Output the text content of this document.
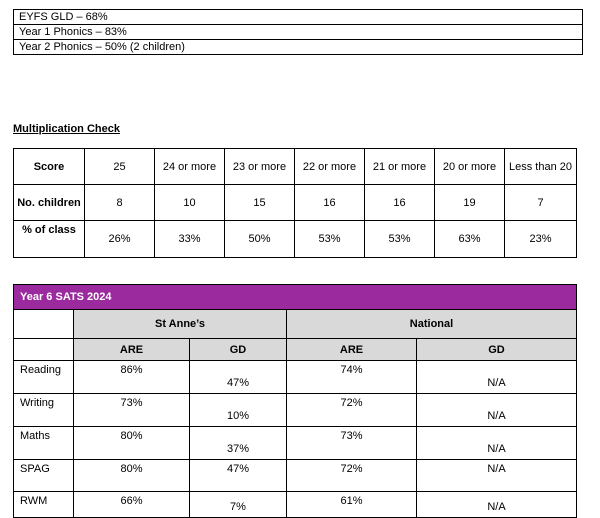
EYFS GLD – 68%
Year 1 Phonics – 83%
Year 2 Phonics – 50% (2 children)
Multiplication Check
Score	25	24 or more	23 or more	22 or more	21 or more	20 or more	Less than 20
No. children	8	10	15	16	16	19	7
% of class	26%	33%	50%	53%	53%	63%	23%
Year 6 SATS 2024				
	St Anne’s		National	
	ARE	GD	ARE	GD
Reading	86%	47%	74%	N/A
Writing	73%	10%	72%	N/A
Maths	80%	37%	73%	N/A
SPAG	80%	47%	72%	N/A
RWM	66%	7%	61%	N/A
